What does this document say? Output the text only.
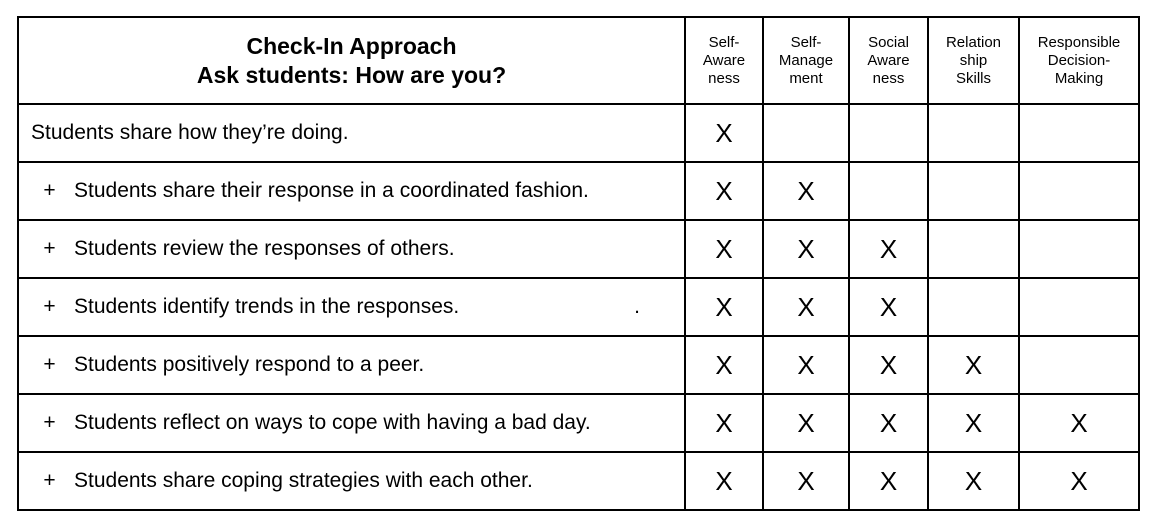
Check-In Approach
Ask students: How are you?	Self-
Aware
ness	Self-
Manage
ment	Social
Aware
ness	Relation
ship
Skills	Responsible
Decision-
Making

Students share how they’re doing.	X				
+ Students share their response in a coordinated fashion.	X	X			
+ Students review the responses of others.	X	X	X		
+ Students identify trends in the responses. .	X	X	X		
+ Students positively respond to a peer.	X	X	X	X	
+ Students reflect on ways to cope with having a bad day.	X	X	X	X	X
+ Students share coping strategies with each other.	X	X	X	X	X
